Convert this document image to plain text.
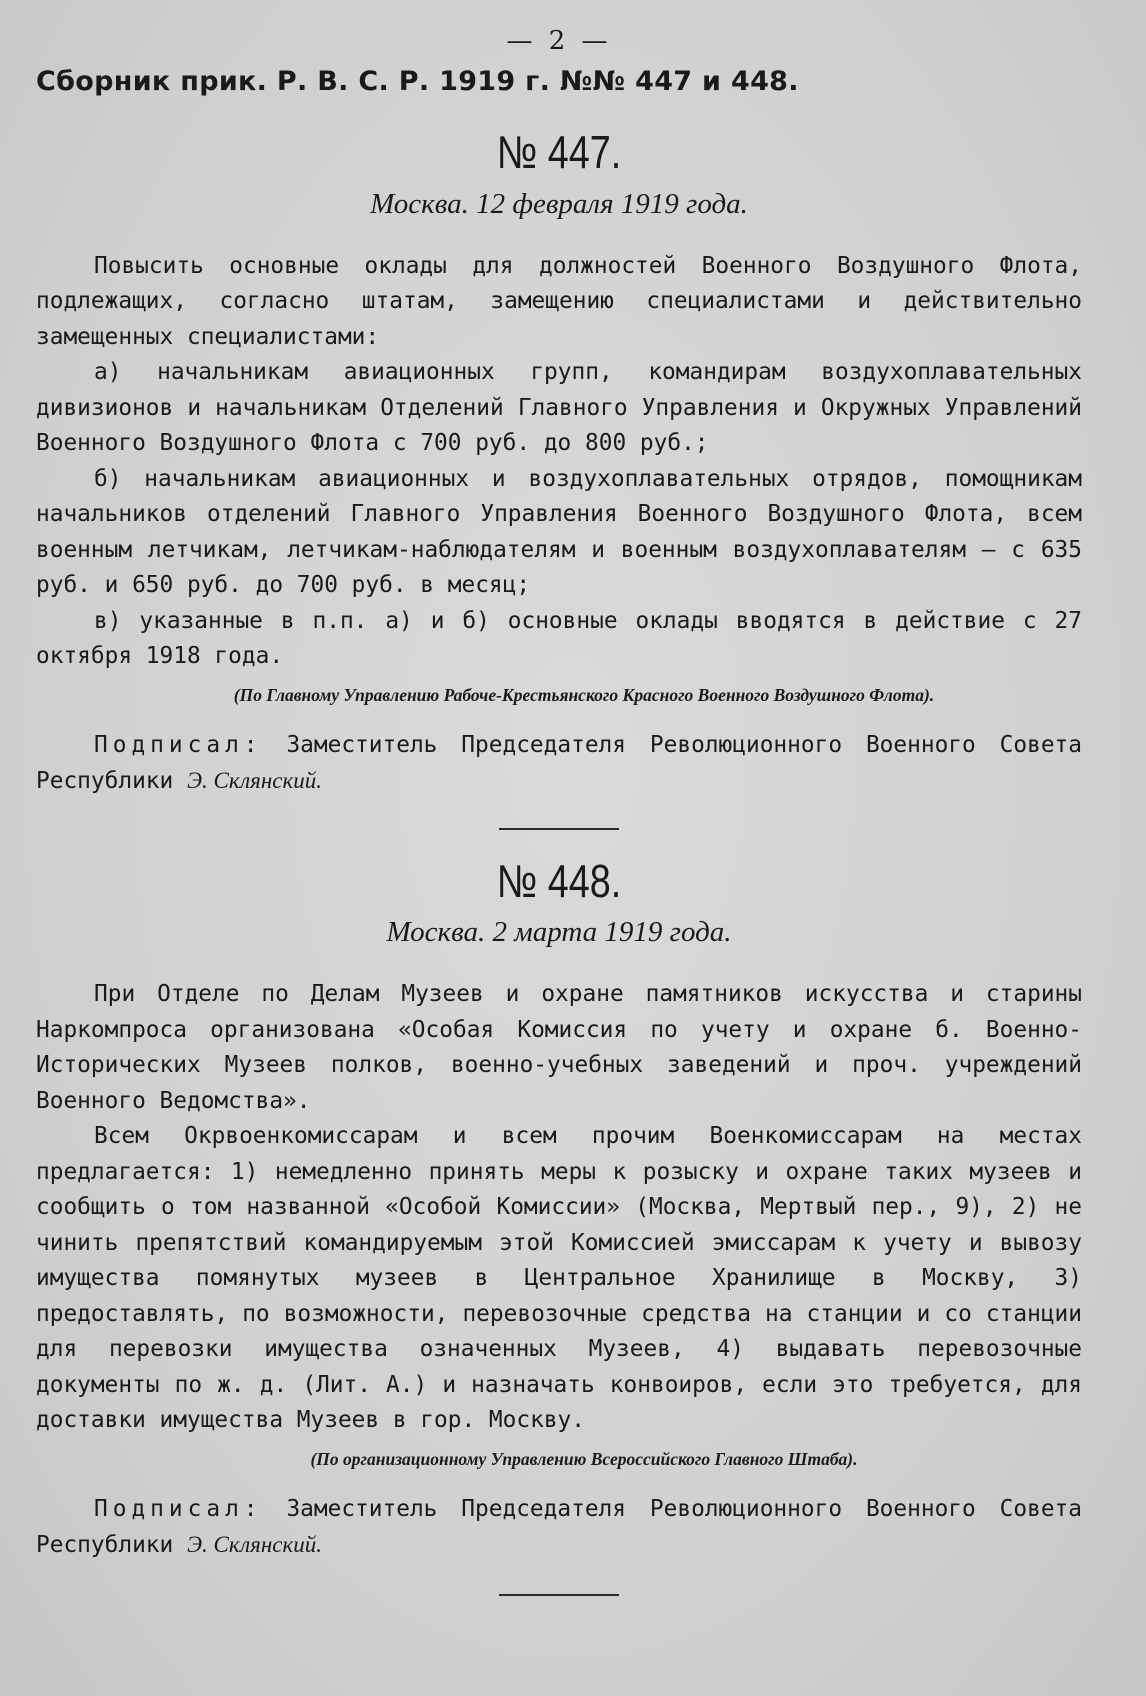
— 2 —
Сборник прик. Р. В. С. Р. 1919 г. №№ 447 и 448.
№ 447.
Москва. 12 февраля 1919 года.

Повысить основные оклады для должностей Военного Воздушного Флота, подлежащих, согласно штатам, замещению специалистами и действительно замещенных специалистами:

а) начальникам авиационных групп, командирам воздухоплавательных дивизионов и начальникам Отделений Главного Управления и Окружных Управлений Военного Воздушного Флота с 700 руб. до 800 руб.;

б) начальникам авиационных и воздухоплавательных отрядов, помощникам начальников отделений Главного Управления Военного Воздушного Флота, всем военным летчикам, летчикам-наблюдателям и военным воздухоплавателям — с 635 руб. и 650 руб. до 700 руб. в месяц;

в) указанные в п.п. а) и б) основные оклады вводятся в действие с 27 октября 1918 года.

(По Главному Управлению Рабоче-Крестьянского Красного Военного Воздушного Флота).

Подписал: Заместитель Председателя Революционного Военного Совета Республики Э. Склянский.

№ 448.
Москва. 2 марта 1919 года.

При Отделе по Делам Музеев и охране памятников искусства и старины Наркомпроса организована «Особая Комиссия по учету и охране б. Военно-Исторических Музеев полков, военно-учебных заведений и проч. учреждений Военного Ведомства».

Всем Окрвоенкомиссарам и всем прочим Военкомиссарам на местах предлагается: 1) немедленно принять меры к розыску и охране таких музеев и сообщить о том названной «Особой Комиссии» (Москва, Мертвый пер., 9), 2) не чинить препятствий командируемым этой Комиссией эмиссарам к учету и вывозу имущества помянутых музеев в Центральное Хранилище в Москву, 3) предоставлять, по возможности, перевозочные средства на станции и со станции для перевозки имущества означенных Музеев, 4) выдавать перевозочные документы по ж. д. (Лит. А.) и назначать конвоиров, если это требуется, для доставки имущества Музеев в гор. Москву.

(По организационному Управлению Всероссийского Главного Штаба).

Подписал: Заместитель Председателя Революционного Военного Совета Республики Э. Склянский.
